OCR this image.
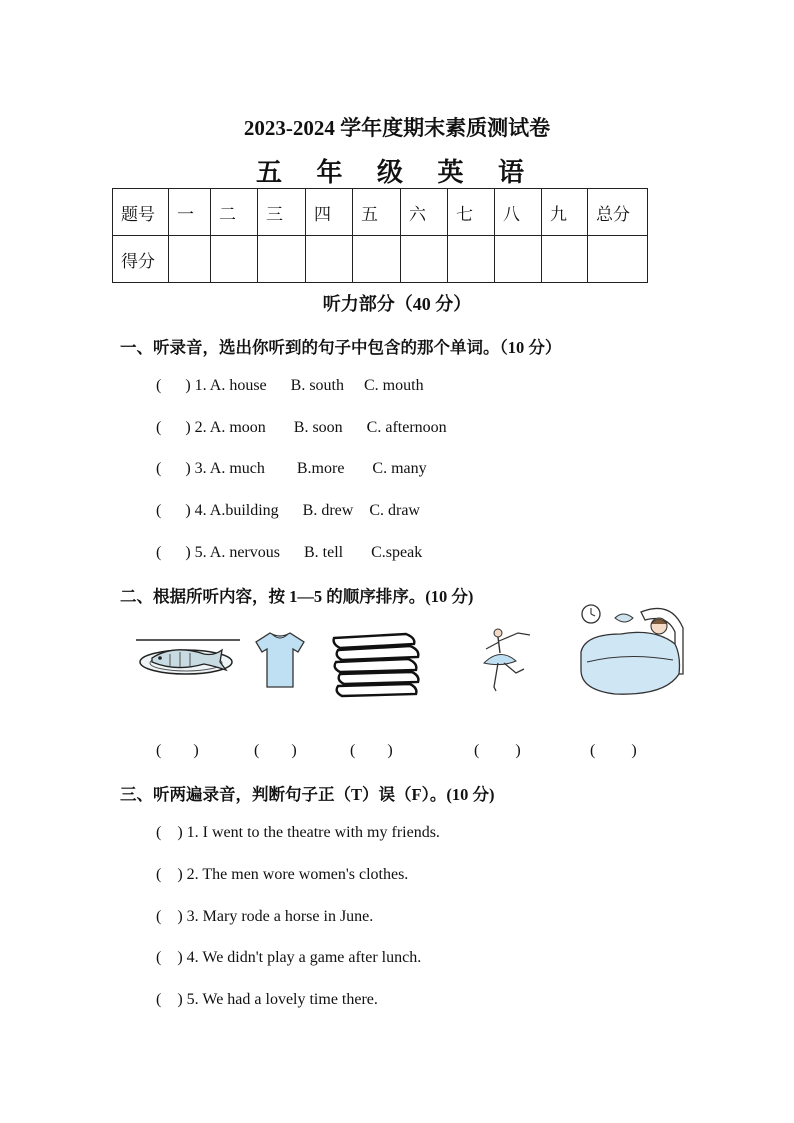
2023-2024 学年度期末素质测试卷
五 年 级 英 语
题号	一	二	三	四	五	六	七	八	九	总分
得分										
听力部分（40 分）
一、听录音，选出你听到的句子中包含的那个单词。（10 分）
(      ) 1. A. house      B. south     C. mouth
(      ) 2. A. moon       B. soon      C. afternoon
(      ) 3. A. much        B.more       C. many
(      ) 4. A.building      B. drew    C. draw
(      ) 5. A. nervous      B. tell       C.speak
二、根据所听内容，按 1—5 的顺序排序。(10 分)
(        )	(        )	(        )	(         )	(         )
三、听两遍录音，判断句子正（T）误（F）。(10 分)
(    ) 1. I went to the theatre with my friends.
(    ) 2. The men wore women's clothes.
(    ) 3. Mary rode a horse in June.
(    ) 4. We didn't play a game after lunch.
(    ) 5. We had a lovely time there.
